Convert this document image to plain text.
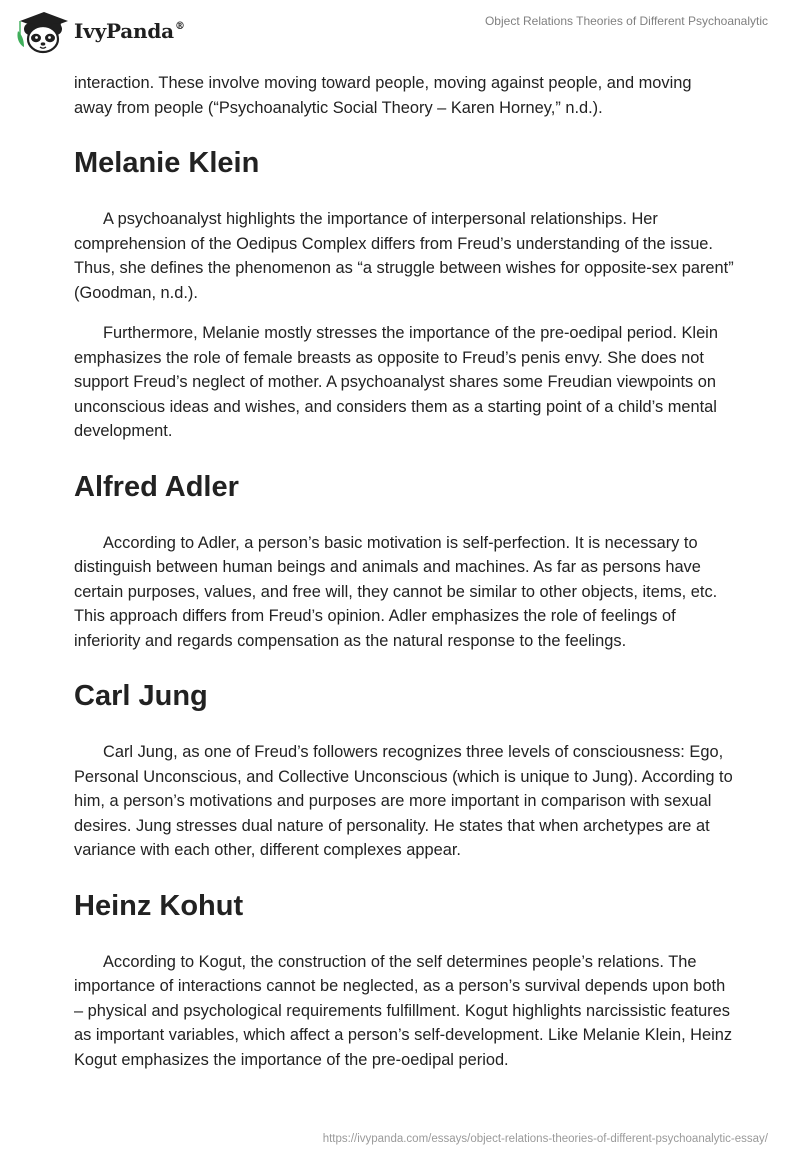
IvyPanda®	Object Relations Theories of Different Psychoanalytic

interaction. These involve moving toward people, moving against people, and moving away from people (“Psychoanalytic Social Theory – Karen Horney,” n.d.).

Melanie Klein

A psychoanalyst highlights the importance of interpersonal relationships. Her comprehension of the Oedipus Complex differs from Freud’s understanding of the issue. Thus, she defines the phenomenon as “a struggle between wishes for opposite-sex parent” (Goodman, n.d.).

Furthermore, Melanie mostly stresses the importance of the pre-oedipal period. Klein emphasizes the role of female breasts as opposite to Freud’s penis envy. She does not support Freud’s neglect of mother. A psychoanalyst shares some Freudian viewpoints on unconscious ideas and wishes, and considers them as a starting point of a child’s mental development.

Alfred Adler

According to Adler, a person’s basic motivation is self-perfection. It is necessary to distinguish between human beings and animals and machines. As far as persons have certain purposes, values, and free will, they cannot be similar to other objects, items, etc. This approach differs from Freud’s opinion. Adler emphasizes the role of feelings of inferiority and regards compensation as the natural response to the feelings.

Carl Jung

Carl Jung, as one of Freud’s followers recognizes three levels of consciousness: Ego, Personal Unconscious, and Collective Unconscious (which is unique to Jung). According to him, a person’s motivations and purposes are more important in comparison with sexual desires. Jung stresses dual nature of personality. He states that when archetypes are at variance with each other, different complexes appear.

Heinz Kohut

According to Kogut, the construction of the self determines people’s relations. The importance of interactions cannot be neglected, as a person’s survival depends upon both – physical and psychological requirements fulfillment. Kogut highlights narcissistic features as important variables, which affect a person’s self-development. Like Melanie Klein, Heinz Kogut emphasizes the importance of the pre-oedipal period.

https://ivypanda.com/essays/object-relations-theories-of-different-psychoanalytic-essay/
